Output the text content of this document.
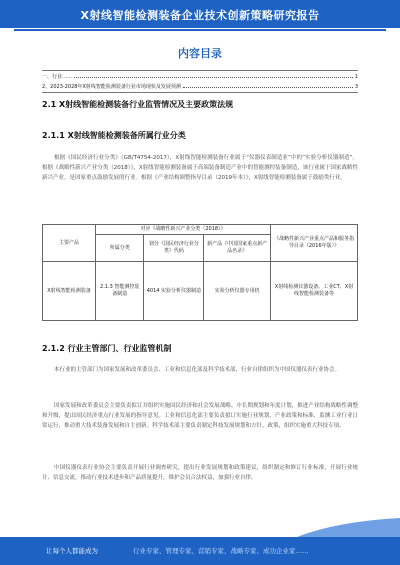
X射线智能检测装备企业技术创新策略研究报告
内容目录
一、行业……	1
2、2023-2028年X射线智能检测装备行业市场现状及发展预测	3
2.1 X射线智能检测装备行业监管情况及主要政策法规
2.1.1 X射线智能检测装备所属行业分类
根据《国民经济行业分类》（GB/T4754-2017），X射线智能检测装备行业属于“仪器仪表制造业”中的“实验分析仪器制造”。根据《战略性新兴产业分类（2018）》，X射线智能检测装备属于高端装备制造产业中的智能测控装备制造，该行业属于国家战略性新兴产业，是国家重点鼓励发展的行业。根据《产业结构调整指导目录（2019年本）》，X射线智能检测装备属于鼓励类行业。
主要产品	对应《战略性新兴产业分类（2018）》			《战略性新兴产业重点产品和服务指导目录（2016年版）》
	所属分类	划分《国民经济行业分类》代码	新产品《中国国家重点新产品名录》	
X射线智能检测装备	2.1.3 智能测控装备制造	4014 实验分析仪器制造	实验分析仪器专用机	X射线检测仪器设备、工业CT、X射线智能检测装备等
2.1.2 行业主管部门、行业监管机制
本行业的主管部门为国家发展和改革委员会、工业和信息化部及科学技术部，行业自律组织为中国仪器仪表行业协会。
国家发展和改革委员会主要负责拟订并组织实施国民经济和社会发展战略、中长期规划和年度计划，推进产业结构战略性调整和升级，提出国民经济重点行业发展的指导意见。工业和信息化部主要负责拟订实施行业规划、产业政策和标准，监测工业行业日常运行，推动重大技术装备发展和自主创新。科学技术部主要负责制定科技发展规划和方针、政策，组织实施重大科技专项。
中国仪器仪表行业协会主要负责开展行业调查研究，提出行业发展规划和政策建议，组织制定和修订行业标准，开展行业统计、信息交流，推动行业技术进步和产品质量提升，维护会员合法权益，加强行业自律。
让每个人都能成为	行业专家、管理专家、营销专家、战略专家、成功企业家……
